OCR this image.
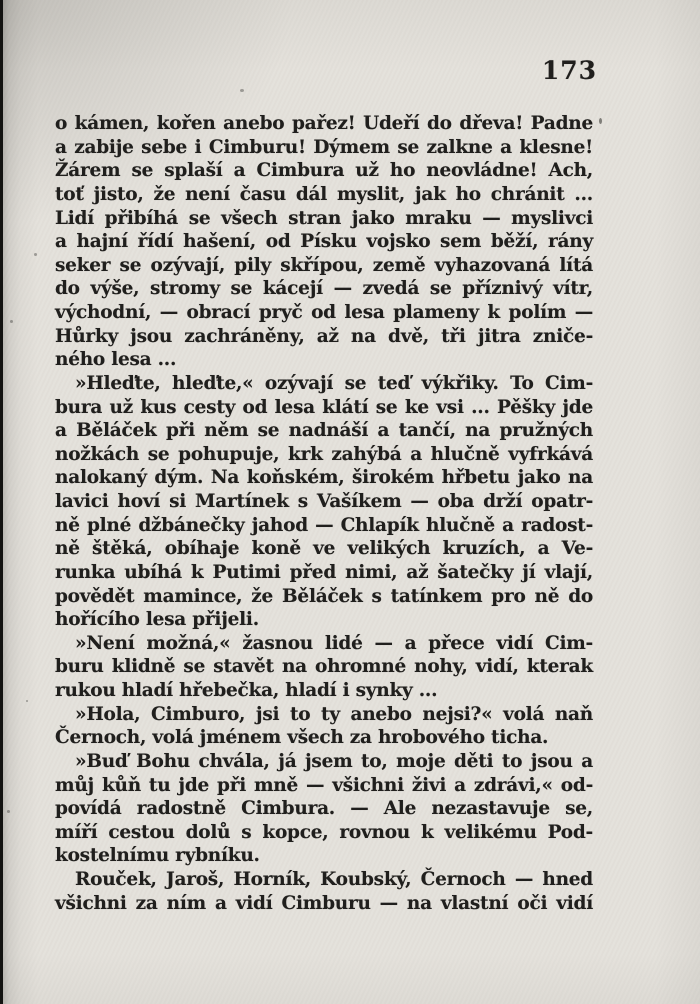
173
o kámen, kořen anebo pařez! Udeří do dřeva! Padne
a zabije sebe i Cimburu! Dýmem se zalkne a klesne!
Žárem se splaší a Cimbura už ho neovládne! Ach,
toť jisto, že není času dál myslit, jak ho chránit ...
Lidí přibíhá se všech stran jako mraku — myslivci
a hajní řídí hašení, od Písku vojsko sem běží, rány
seker se ozývají, pily skřípou, země vyhazovaná lítá
do výše, stromy se kácejí — zvedá se příznivý vítr,
východní, — obrací pryč od lesa plameny k polím —
Hůrky jsou zachráněny, až na dvě, tři jitra zniče-
ného lesa ...
»Hleďte, hleďte,« ozývají se teď výkřiky. To Cim-
bura už kus cesty od lesa klátí se ke vsi ... Pěšky jde
a Běláček při něm se nadnáší a tančí, na pružných
nožkách se pohupuje, krk zahýbá a hlučně vyfrkává
nalokaný dým. Na koňském, širokém hřbetu jako na
lavici hoví si Martínek s Vašíkem — oba drží opatr-
ně plné džbánečky jahod — Chlapík hlučně a radost-
ně štěká, obíhaje koně ve velikých kruzích, a Ve-
runka ubíhá k Putimi před nimi, až šatečky jí vlají,
povědět mamince, že Běláček s tatínkem pro ně do
hořícího lesa přijeli.
»Není možná,« žasnou lidé — a přece vidí Cim-
buru klidně se stavět na ohromné nohy, vidí, kterak
rukou hladí hřebečka, hladí i synky ...
»Hola, Cimburo, jsi to ty anebo nejsi?« volá naň
Černoch, volá jménem všech za hrobového ticha.
»Buď Bohu chvála, já jsem to, moje děti to jsou a
můj kůň tu jde při mně — všichni živi a zdrávi,« od-
povídá radostně Cimbura. — Ale nezastavuje se,
míří cestou dolů s kopce, rovnou k velikému Pod-
kostelnímu rybníku.
Rouček, Jaroš, Horník, Koubský, Černoch — hned
všichni za ním a vidí Cimburu — na vlastní oči vidí
